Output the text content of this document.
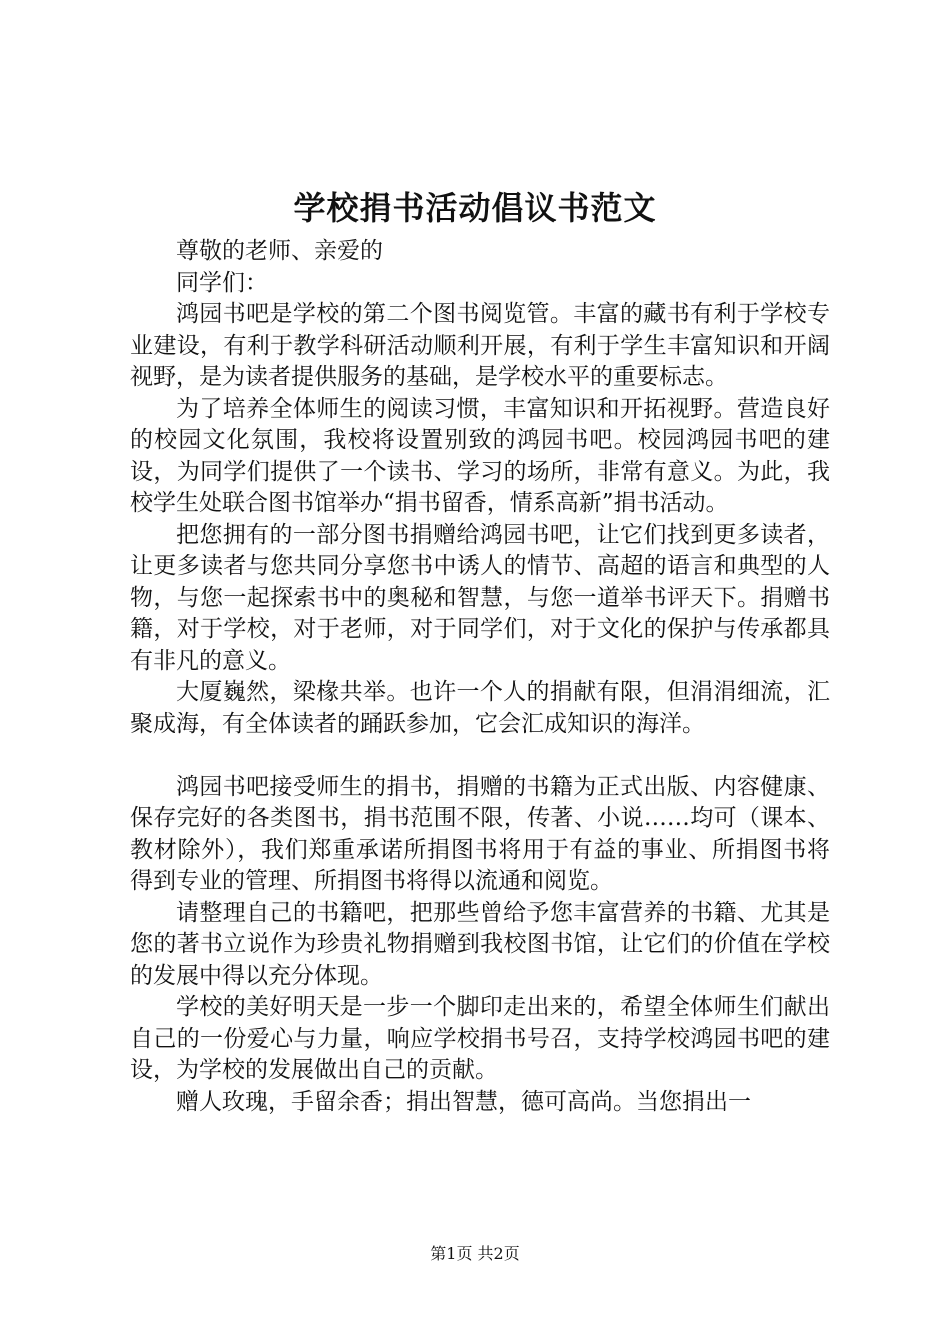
学校捐书活动倡议书范文

尊敬的老师、亲爱的

同学们：

鸿园书吧是学校的第二个图书阅览管。丰富的藏书有利于学校专业建设，有利于教学科研活动顺利开展，有利于学生丰富知识和开阔视野，是为读者提供服务的基础，是学校水平的重要标志。

为了培养全体师生的阅读习惯，丰富知识和开拓视野。营造良好的校园文化氛围，我校将设置别致的鸿园书吧。校园鸿园书吧的建设，为同学们提供了一个读书、学习的场所，非常有意义。为此，我校学生处联合图书馆举办“捐书留香，情系高新”捐书活动。

把您拥有的一部分图书捐赠给鸿园书吧，让它们找到更多读者，让更多读者与您共同分享您书中诱人的情节、高超的语言和典型的人物，与您一起探索书中的奥秘和智慧，与您一道举书评天下。捐赠书籍，对于学校，对于老师，对于同学们，对于文化的保护与传承都具有非凡的意义。

大厦巍然，梁椽共举。也许一个人的捐献有限，但涓涓细流，汇聚成海，有全体读者的踊跃参加，它会汇成知识的海洋。

鸿园书吧接受师生的捐书，捐赠的书籍为正式出版、内容健康、保存完好的各类图书，捐书范围不限，传著、小说……均可（课本、教材除外），我们郑重承诺所捐图书将用于有益的事业、所捐图书将得到专业的管理、所捐图书将得以流通和阅览。

请整理自己的书籍吧，把那些曾给予您丰富营养的书籍、尤其是您的著书立说作为珍贵礼物捐赠到我校图书馆，让它们的价值在学校的发展中得以充分体现。

学校的美好明天是一步一个脚印走出来的，希望全体师生们献出自己的一份爱心与力量，响应学校捐书号召，支持学校鸿园书吧的建设，为学校的发展做出自己的贡献。

赠人玫瑰，手留余香；捐出智慧，德可高尚。当您捐出一

第1页 共2页
